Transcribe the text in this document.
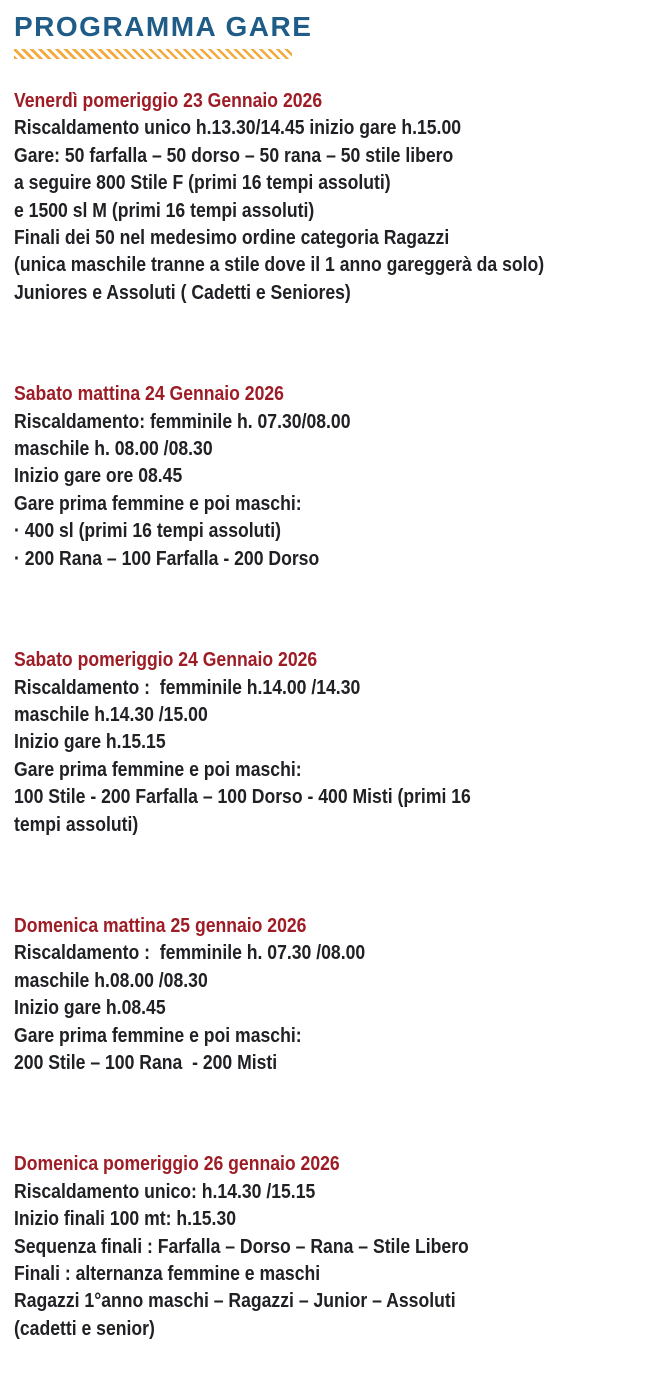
PROGRAMMA GARE
Venerdì pomeriggio 23 Gennaio 2026
Riscaldamento unico h.13.30/14.45 inizio gare h.15.00
Gare: 50 farfalla – 50 dorso – 50 rana – 50 stile libero
a seguire 800 Stile F (primi 16 tempi assoluti)
e 1500 sl M (primi 16 tempi assoluti)
Finali dei 50 nel medesimo ordine categoria Ragazzi
(unica maschile tranne a stile dove il 1 anno gareggerà da solo)
Juniores e Assoluti ( Cadetti e Seniores)
Sabato mattina 24 Gennaio 2026
Riscaldamento: femminile h. 07.30/08.00
maschile h. 08.00 /08.30
Inizio gare ore 08.45
Gare prima femmine e poi maschi:
· 400 sl (primi 16 tempi assoluti)
· 200 Rana – 100 Farfalla - 200 Dorso
Sabato pomeriggio 24 Gennaio 2026
Riscaldamento :  femminile h.14.00 /14.30
maschile h.14.30 /15.00
Inizio gare h.15.15
Gare prima femmine e poi maschi:
100 Stile - 200 Farfalla – 100 Dorso - 400 Misti (primi 16
tempi assoluti)
Domenica mattina 25 gennaio 2026
Riscaldamento :  femminile h. 07.30 /08.00
maschile h.08.00 /08.30
Inizio gare h.08.45
Gare prima femmine e poi maschi:
200 Stile – 100 Rana  - 200 Misti
Domenica pomeriggio 26 gennaio 2026
Riscaldamento unico: h.14.30 /15.15
Inizio finali 100 mt: h.15.30
Sequenza finali : Farfalla – Dorso – Rana – Stile Libero
Finali : alternanza femmine e maschi
Ragazzi 1°anno maschi – Ragazzi – Junior – Assoluti
(cadetti e senior)
